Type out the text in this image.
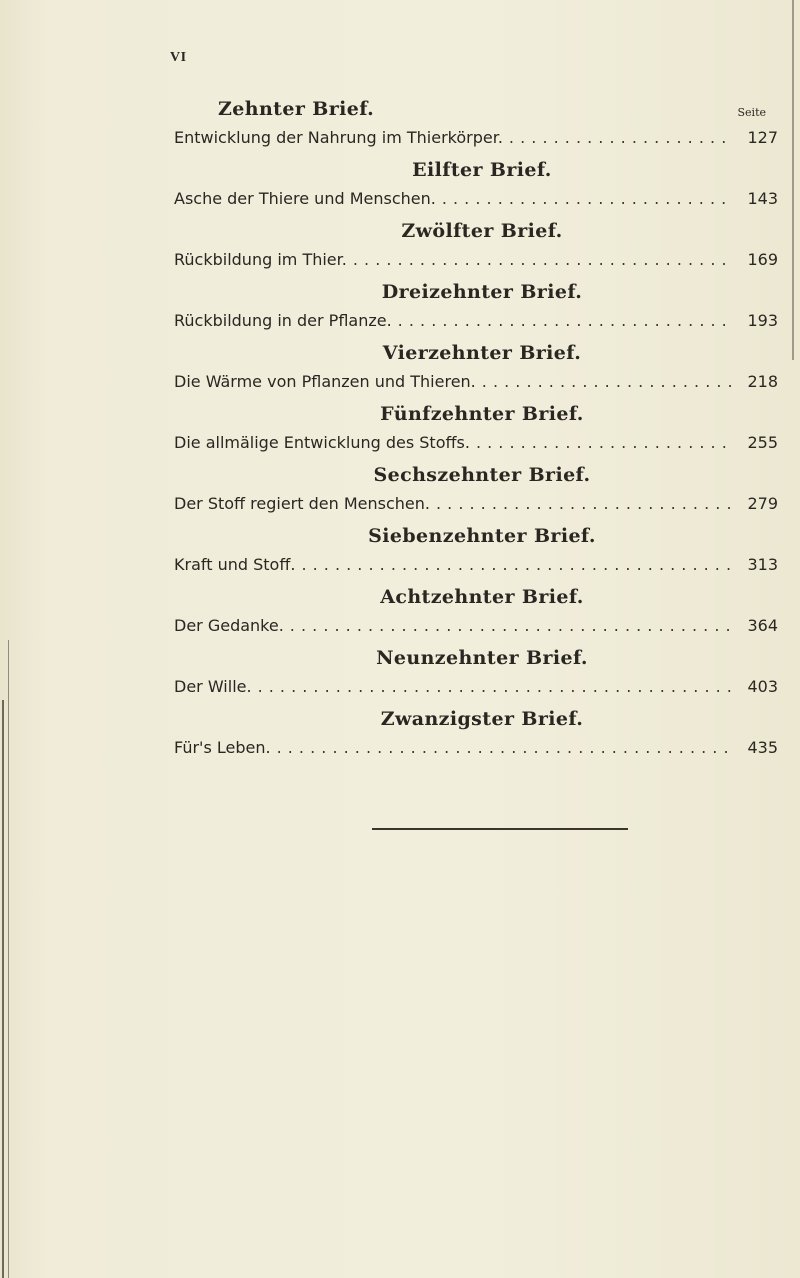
VI
Zehnter Brief.	Seite
Entwicklung der Nahrung im Thierkörper. . . .	127
Eilfter Brief.
Asche der Thiere und Menschen. . . .	143
Zwölfter Brief.
Rückbildung im Thier. . . .	169
Dreizehnter Brief.
Rückbildung in der Pflanze. . . .	193
Vierzehnter Brief.
Die Wärme von Pflanzen und Thieren. . . .	218
Fünfzehnter Brief.
Die allmälige Entwicklung des Stoffs. . . .	255
Sechszehnter Brief.
Der Stoff regiert den Menschen. . . .	279
Siebenzehnter Brief.
Kraft und Stoff. . . .	313
Achtzehnter Brief.
Der Gedanke. . . .	364
Neunzehnter Brief.
Der Wille. . . .	403
Zwanzigster Brief.
Für's Leben. . . .	435
